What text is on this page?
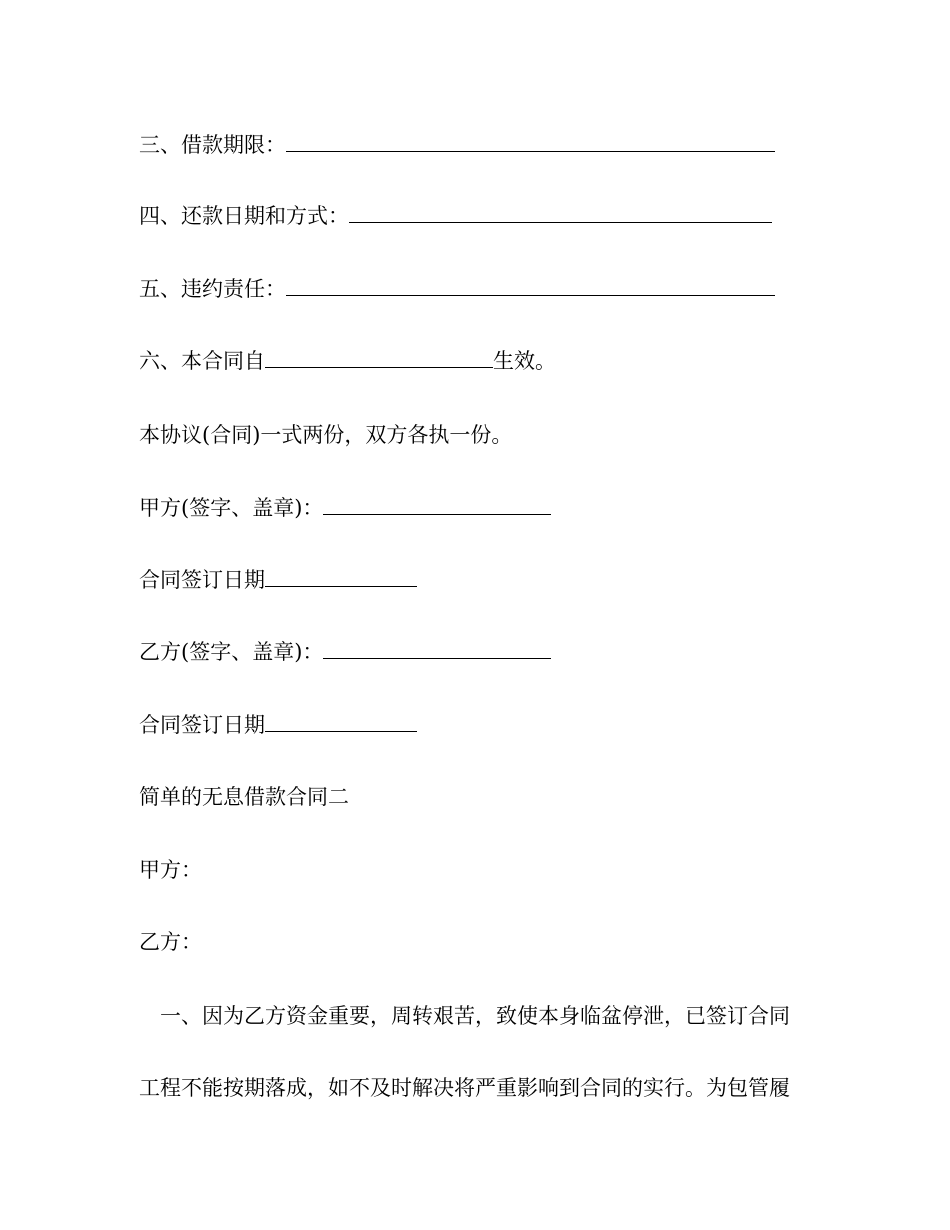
三、借款期限：
四、还款日期和方式：
五、违约责任：
六、本合同自	生效。
本协议(合同)一式两份，双方各执一份。
甲方(签字、盖章)：
合同签订日期
乙方(签字、盖章)：
合同签订日期
简单的无息借款合同二
甲方：
乙方：
一、因为乙方资金重要，周转艰苦，致使本身临盆停泄，已签订合同
工程不能按期落成，如不及时解决将严重影响到合同的实行。为包管履
